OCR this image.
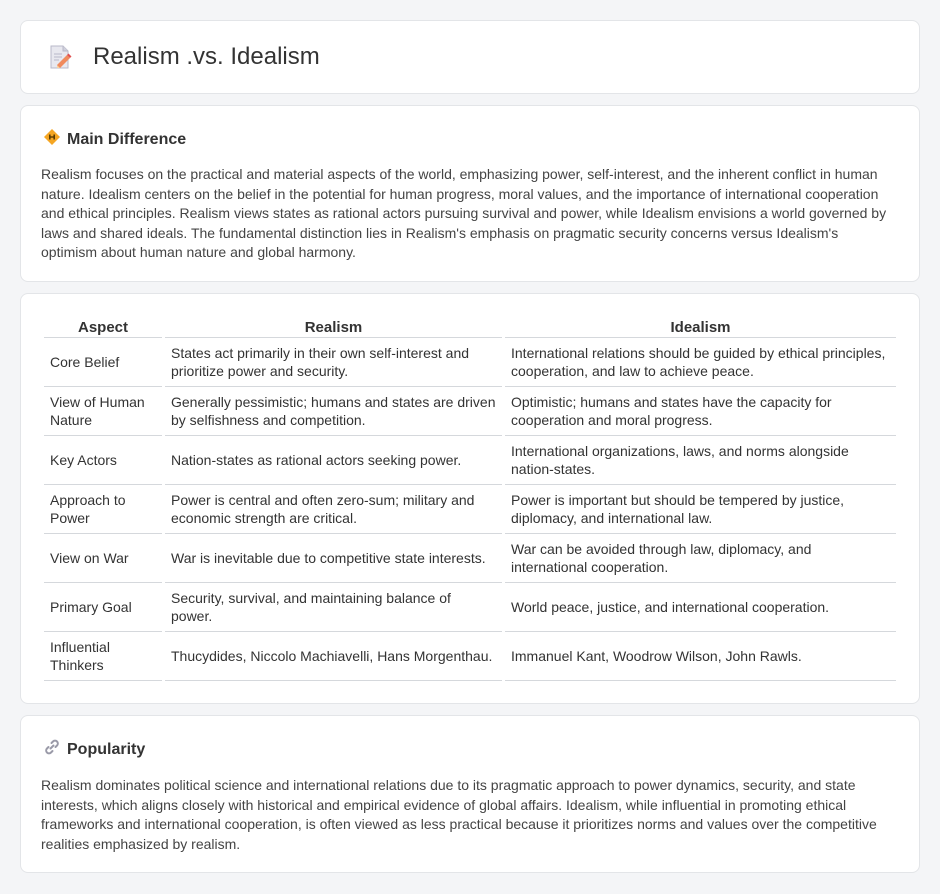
Realism .vs. Idealism
Main Difference

Realism focuses on the practical and material aspects of the world, emphasizing power, self-interest, and the inherent conflict in human nature. Idealism centers on the belief in the potential for human progress, moral values, and the importance of international cooperation and ethical principles. Realism views states as rational actors pursuing survival and power, while Idealism envisions a world governed by laws and shared ideals. The fundamental distinction lies in Realism's emphasis on pragmatic security concerns versus Idealism's optimism about human nature and global harmony.

Aspect	Realism	Idealism
Core Belief	States act primarily in their own self-interest and prioritize power and security.	International relations should be guided by ethical principles, cooperation, and law to achieve peace.
View of Human Nature	Generally pessimistic; humans and states are driven by selfishness and competition.	Optimistic; humans and states have the capacity for cooperation and moral progress.
Key Actors	Nation-states as rational actors seeking power.	International organizations, laws, and norms alongside nation-states.
Approach to Power	Power is central and often zero-sum; military and economic strength are critical.	Power is important but should be tempered by justice, diplomacy, and international law.
View on War	War is inevitable due to competitive state interests.	War can be avoided through law, diplomacy, and international cooperation.
Primary Goal	Security, survival, and maintaining balance of power.	World peace, justice, and international cooperation.
Influential Thinkers	Thucydides, Niccolo Machiavelli, Hans Morgenthau.	Immanuel Kant, Woodrow Wilson, John Rawls.
Popularity

Realism dominates political science and international relations due to its pragmatic approach to power dynamics, security, and state interests, which aligns closely with historical and empirical evidence of global affairs. Idealism, while influential in promoting ethical frameworks and international cooperation, is often viewed as less practical because it prioritizes norms and values over the competitive realities emphasized by realism.
